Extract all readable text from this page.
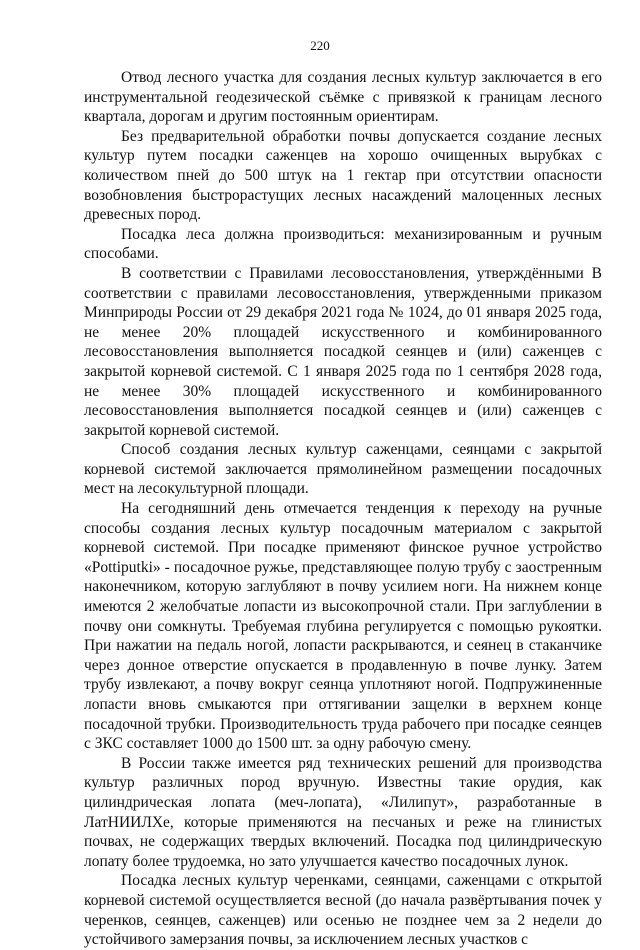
220

Отвод лесного участка для создания лесных культур заключается в его инструментальной геодезической съёмке с привязкой к границам лесного квартала, дорогам и другим постоянным ориентирам.

Без предварительной обработки почвы допускается создание лесных культур путем посадки саженцев на хорошо очищенных вырубках с количеством пней до 500 штук на 1 гектар при отсутствии опасности возобновления быстрорастущих лесных насаждений малоценных лесных древесных пород.

Посадка леса должна производиться: механизированным и ручным способами.

В соответствии с Правилами лесовосстановления, утверждёнными В соответствии с правилами лесовосстановления, утвержденными приказом Минприроды России от 29 декабря 2021 года № 1024, до 01 января 2025 года, не менее 20% площадей искусственного и комбинированного лесовосстановления выполняется посадкой сеянцев и (или) саженцев с закрытой корневой системой. С 1 января 2025 года по 1 сентября 2028 года, не менее 30% площадей искусственного и комбинированного лесовосстановления выполняется посадкой сеянцев и (или) саженцев с закрытой корневой системой.

Способ создания лесных культур саженцами, сеянцами с закрытой корневой системой заключается прямолинейном размещении посадочных мест на лесокультурной площади.

На сегодняшний день отмечается тенденция к переходу на ручные способы создания лесных культур посадочным материалом с закрытой корневой системой. При посадке применяют финское ручное устройство «Pottiputki» - посадочное ружье, представляющее полую трубу с заостренным наконечником, которую заглубляют в почву усилием ноги. На нижнем конце имеются 2 желобчатые лопасти из высокопрочной стали. При заглублении в почву они сомкнуты. Требуемая глубина регулируется с помощью рукоятки. При нажатии на педаль ногой, лопасти раскрываются, и сеянец в стаканчике через донное отверстие опускается в продавленную в почве лунку. Затем трубу извлекают, а почву вокруг сеянца уплотняют ногой. Подпружиненные лопасти вновь смыкаются при оттягивании защелки в верхнем конце посадочной трубки. Производительность труда рабочего при посадке сеянцев с ЗКС составляет 1000 до 1500 шт. за одну рабочую смену.

В России также имеется ряд технических решений для производства культур различных пород вручную. Известны такие орудия, как цилиндрическая лопата (меч-лопата), «Лилипут», разработанные в ЛатНИИЛХе, которые применяются на песчаных и реже на глинистых почвах, не содержащих твердых включений. Посадка под цилиндрическую лопату более трудоемка, но зато улучшается качество посадочных лунок.

Посадка лесных культур черенками, сеянцами, саженцами с открытой корневой системой осуществляется весной (до начала развёртывания почек у черенков, сеянцев, саженцев) или осенью не позднее чем за 2 недели до устойчивого замерзания почвы, за исключением лесных участков с
